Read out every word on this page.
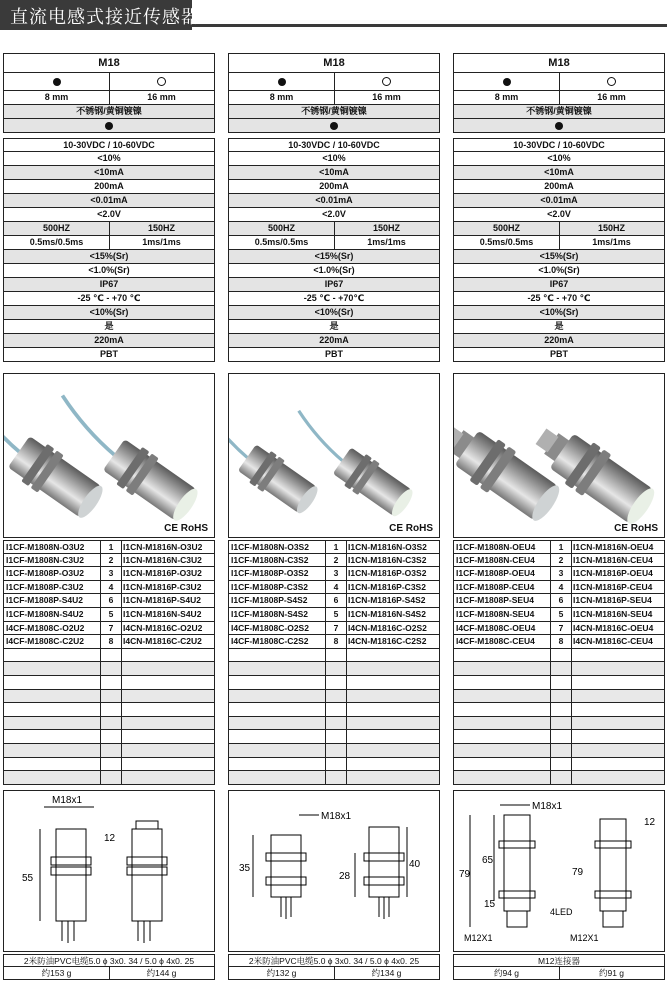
直流电感式接近传感器
M18
8 mm	16 mm
不锈钢/黄铜镀镍
10-30VDC / 10-60VDC
<10%
<10mA
200mA
<0.01mA
<2.0V
500HZ	150HZ
0.5ms/0.5ms	1ms/1ms
<15%(Sr)
<1.0%(Sr)
IP67
-25 ℃ - +70 ℃
<10%(Sr)
是
220mA
PBT
CE RoHS
I1CF-M1808N-O3U2	1	I1CN-M1816N-O3U2
I1CF-M1808N-C3U2	2	I1CN-M1816N-C3U2
I1CF-M1808P-O3U2	3	I1CN-M1816P-O3U2
I1CF-M1808P-C3U2	4	I1CN-M1816P-C3U2
I1CF-M1808P-S4U2	6	I1CN-M1816P-S4U2
I1CF-M1808N-S4U2	5	I1CN-M1816N-S4U2
I4CF-M1808C-O2U2	7	I4CN-M1816C-O2U2
I4CF-M1808C-C2U2	8	I4CN-M1816C-C2U2
M18x1
55
12
2米防油PVC电缆5.0 ϕ 3x0. 34 / 5.0 ϕ 4x0. 25
约153 g	约144 g
M18
8 mm	16 mm
不锈钢/黄铜镀镍
10-30VDC / 10-60VDC
<10%
<10mA
200mA
<0.01mA
<2.0V
500HZ	150HZ
0.5ms/0.5ms	1ms/1ms
<15%(Sr)
<1.0%(Sr)
IP67
-25 ℃ - +70℃
<10%(Sr)
是
220mA
PBT
CE RoHS
I1CF-M1808N-O3S2	1	I1CN-M1816N-O3S2
I1CF-M1808N-C3S2	2	I1CN-M1816N-C3S2
I1CF-M1808P-O3S2	3	I1CN-M1816P-O3S2
I1CF-M1808P-C3S2	4	I1CN-M1816P-C3S2
I1CF-M1808P-S4S2	6	I1CN-M1816P-S4S2
I1CF-M1808N-S4S2	5	I1CN-M1816N-S4S2
I4CF-M1808C-O2S2	7	I4CN-M1816C-O2S2
I4CF-M1808C-C2S2	8	I4CN-M1816C-C2S2
M18x1
35
28
40
2米防油PVC电缆5.0 ϕ 3x0. 34 / 5.0 ϕ 4x0. 25
约132 g	约134 g
M18
8 mm	16 mm
不锈钢/黄铜镀镍
10-30VDC / 10-60VDC
<10%
<10mA
200mA
<0.01mA
<2.0V
500HZ	150HZ
0.5ms/0.5ms	1ms/1ms
<15%(Sr)
<1.0%(Sr)
IP67
-25 ℃ - +70 ℃
<10%(Sr)
是
220mA
PBT
CE RoHS
I1CF-M1808N-OEU4	1	I1CN-M1816N-OEU4
I1CF-M1808N-CEU4	2	I1CN-M1816N-CEU4
I1CF-M1808P-OEU4	3	I1CN-M1816P-OEU4
I1CF-M1808P-CEU4	4	I1CN-M1816P-CEU4
I1CF-M1808P-SEU4	6	I1CN-M1816P-SEU4
I1CF-M1808N-SEU4	5	I1CN-M1816N-SEU4
I4CF-M1808C-OEU4	7	I4CN-M1816C-OEU4
I4CF-M1808C-CEU4	8	I4CN-M1816C-CEU4
M18x1
65
79
15
4LED
M12X1
79
12
M12X1
M12连接器
约94 g	约91 g
